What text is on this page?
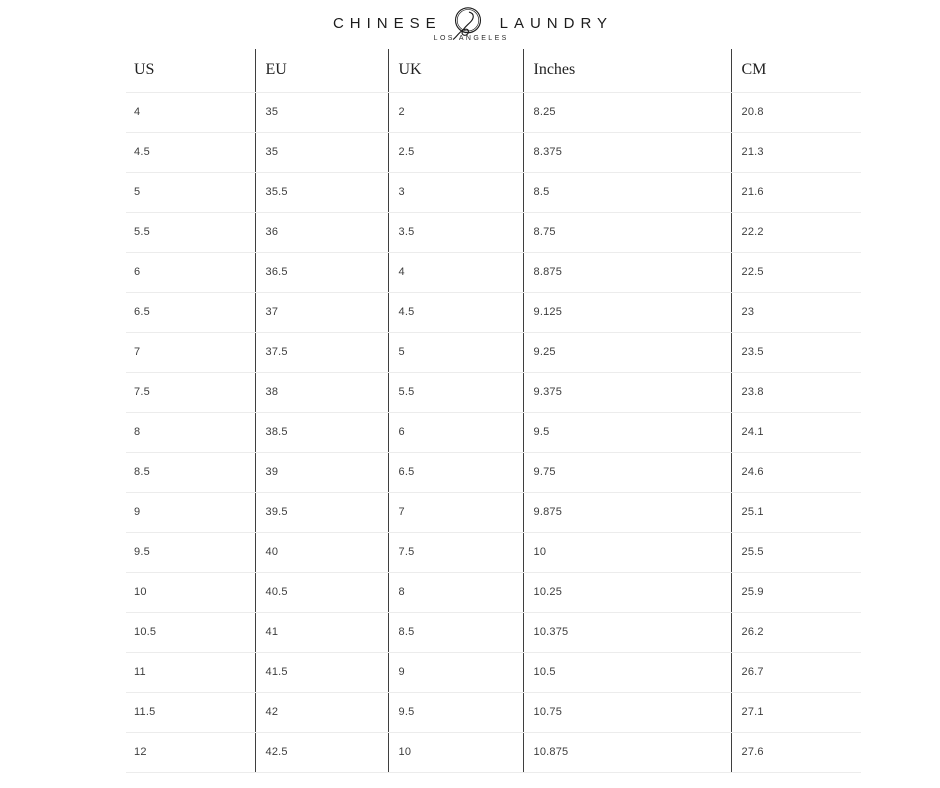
CHINESE	LAUNDRY
LOS ANGELES
US	EU	UK	Inches	CM
4	35	2	8.25	20.8
4.5	35	2.5	8.375	21.3
5	35.5	3	8.5	21.6
5.5	36	3.5	8.75	22.2
6	36.5	4	8.875	22.5
6.5	37	4.5	9.125	23
7	37.5	5	9.25	23.5
7.5	38	5.5	9.375	23.8
8	38.5	6	9.5	24.1
8.5	39	6.5	9.75	24.6
9	39.5	7	9.875	25.1
9.5	40	7.5	10	25.5
10	40.5	8	10.25	25.9
10.5	41	8.5	10.375	26.2
11	41.5	9	10.5	26.7
11.5	42	9.5	10.75	27.1
12	42.5	10	10.875	27.6
